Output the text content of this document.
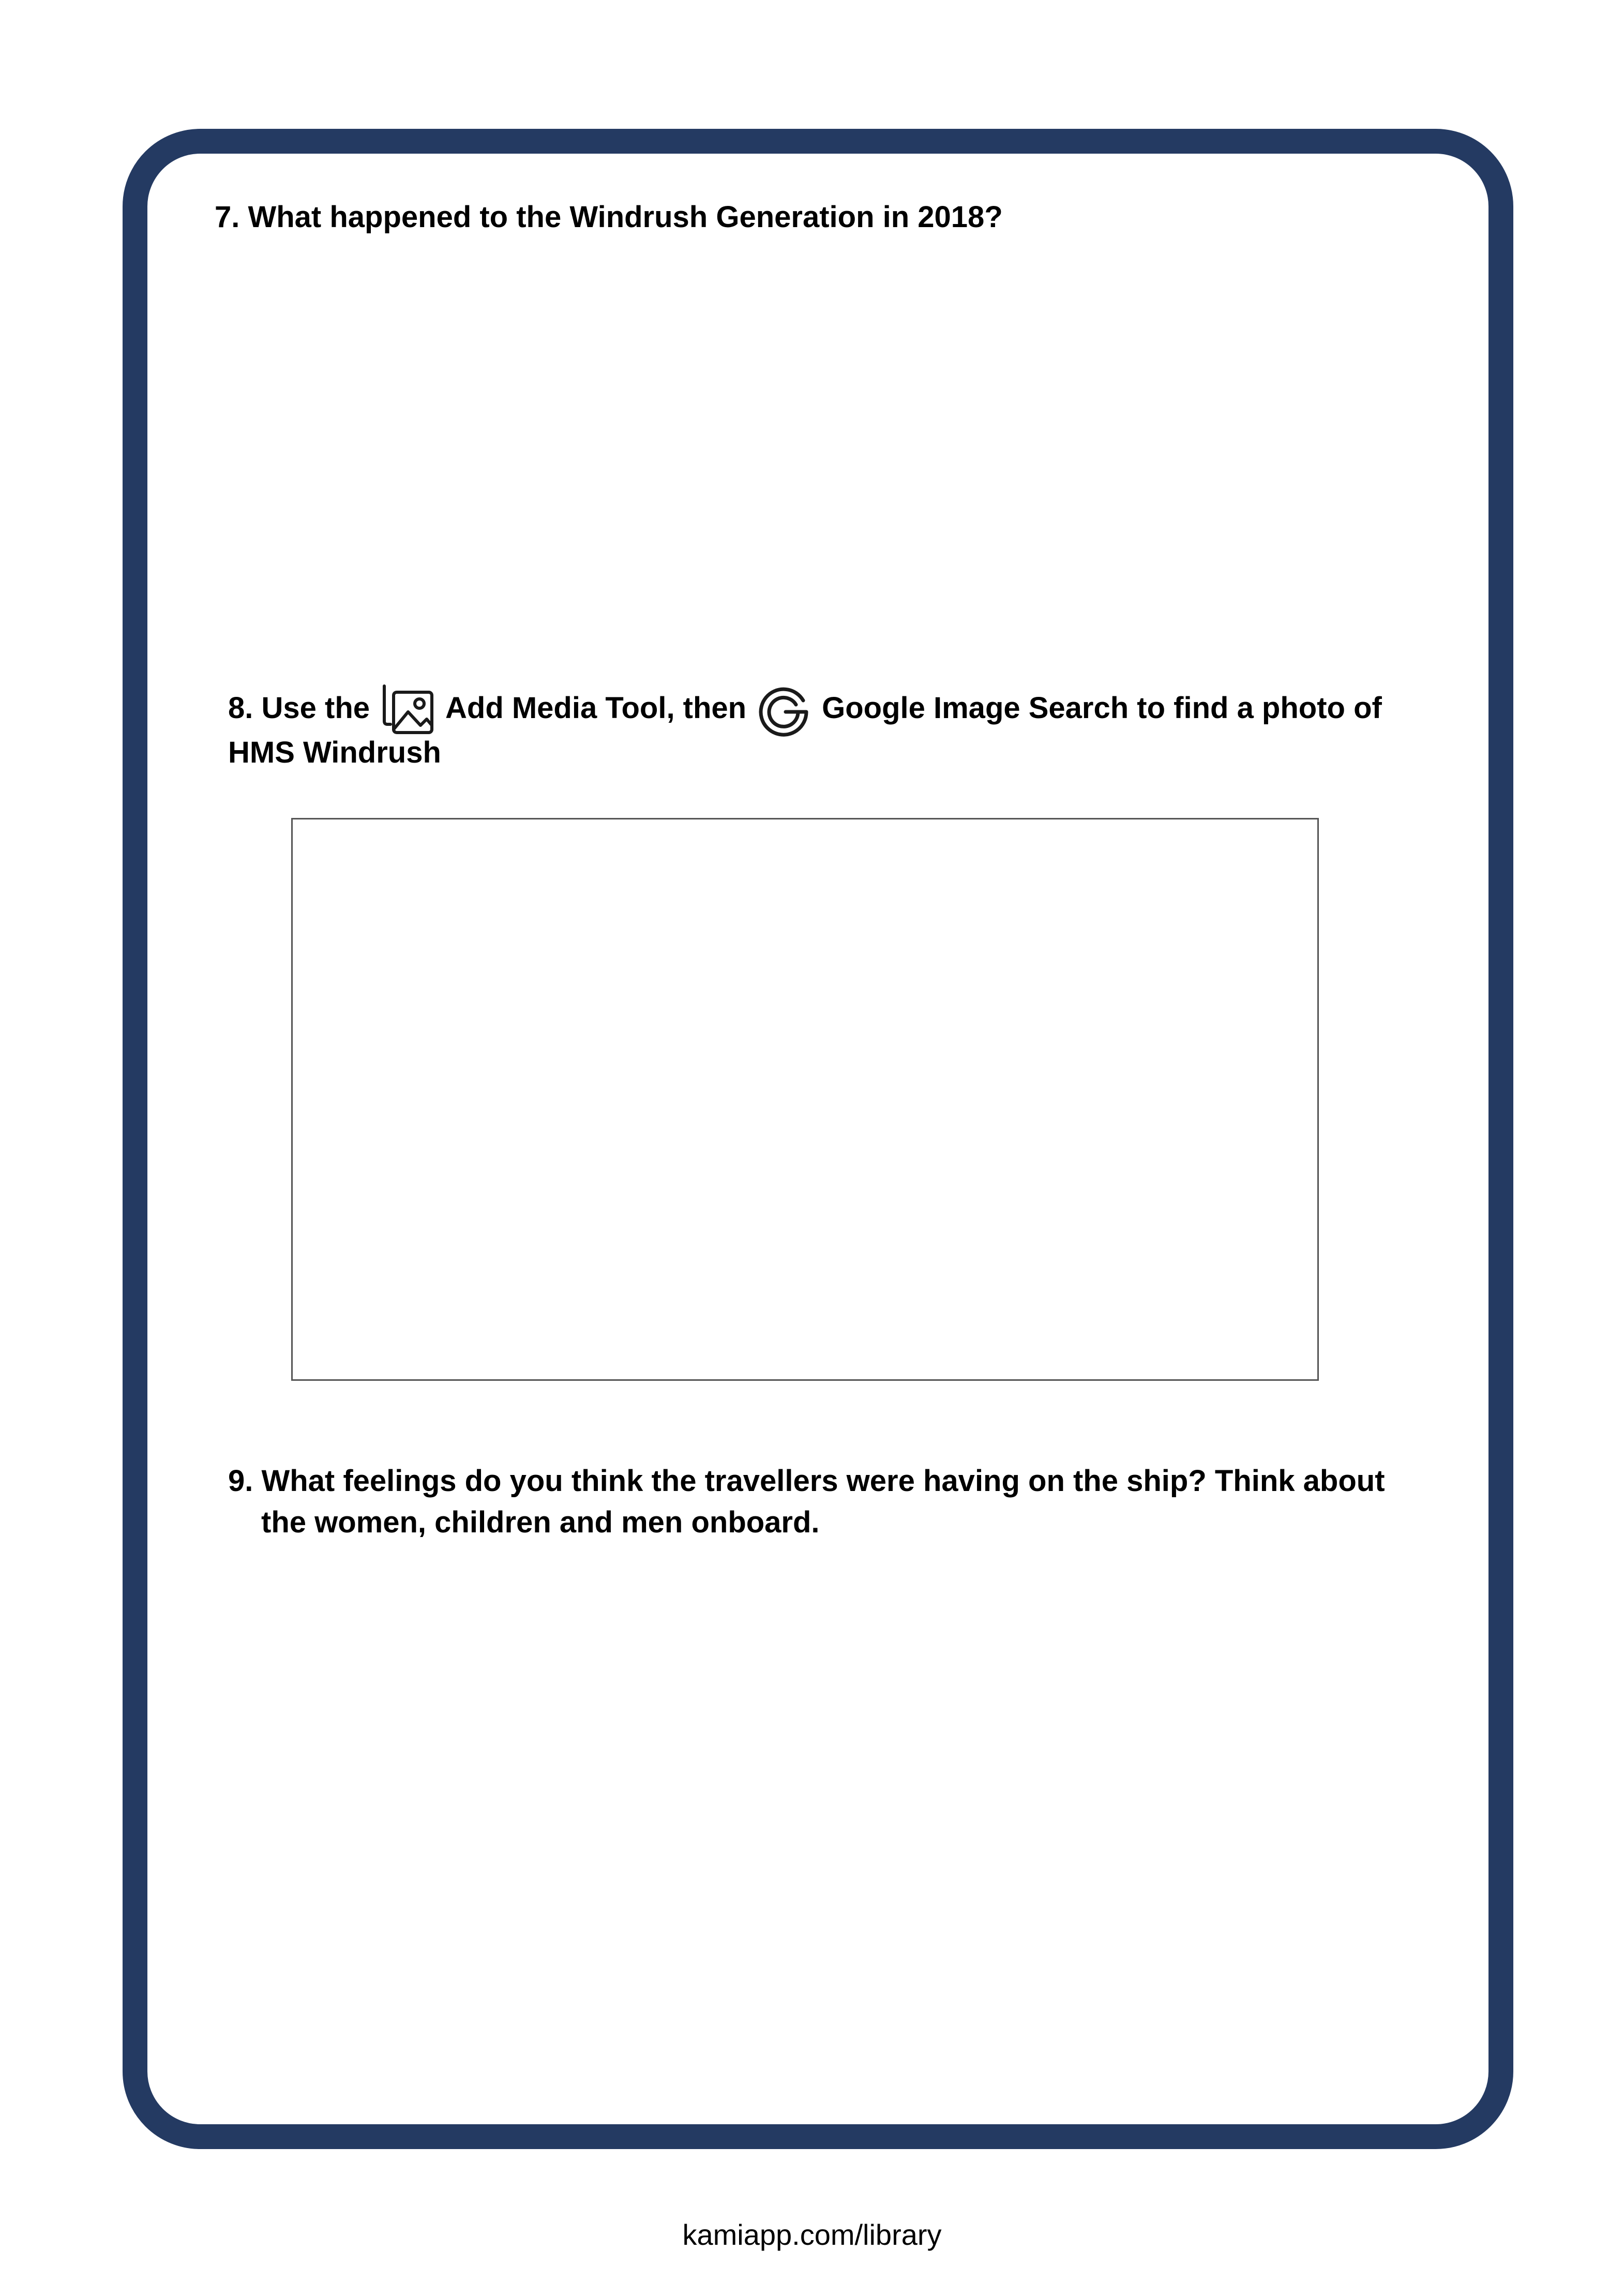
7. What happened to the Windrush Generation in 2018?
8. Use the	Add Media Tool, then	Google Image Search to find a photo of
HMS Windrush
9. What feelings do you think the travellers were having on the ship? Think about
the women, children and men onboard.
kamiapp.com/library
